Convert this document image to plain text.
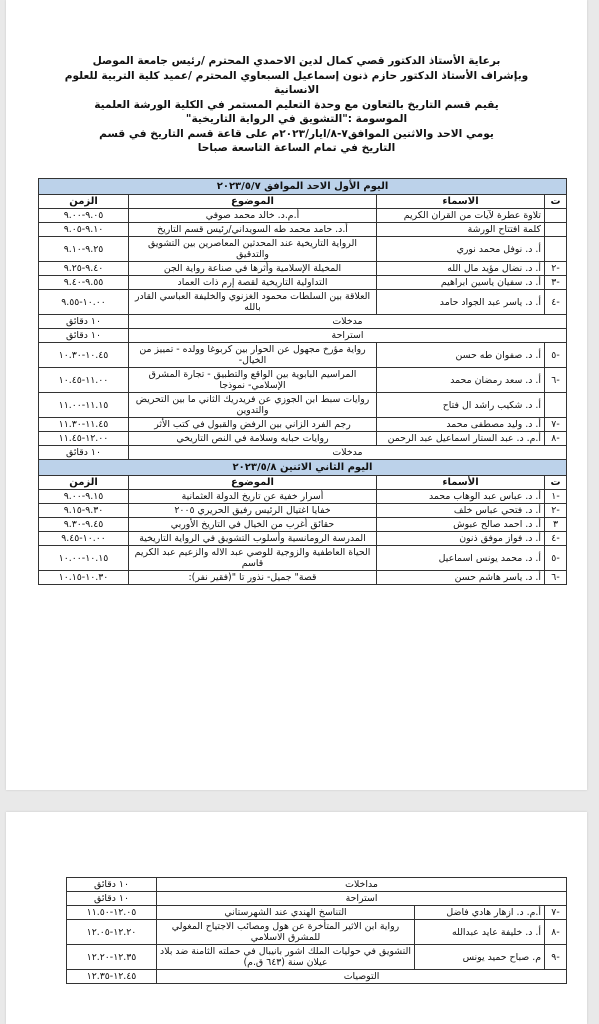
برعاية الأستاذ الدكتور قصي كمال لدين الاحمدي المحترم /رئيس جامعة الموصل
وبإشراف الأستاذ الدكتور حازم ذنون إسماعيل السبعاوي المحترم /عميد كلية التربية للعلوم
الانسانية
يقيم قسم التاريخ بالتعاون مع وحدة التعليم المستمر في الكلية الورشة العلمية
الموسومة :"التشويق في الرواية التاريخية"
يومي الاحد والاثنين الموافق٧-٨/ايار/٢٠٢٣م على قاعة قسم التاريخ في قسم
التاريخ في تمام الساعة التاسعة صباحا
اليوم الأول الاحد الموافق ٢٠٢٣/٥/٧			
ت	الاسماء	الموضوع	الزمن
	تلاوة عطرة لآيات من القران الكريم	أ.م.د. خالد محمد صوفي	٩.٠٥-٩.٠٠
	كلمة افتتاح الورشة	أ.د. حامد محمد طه السويداني/رئيس قسم التاريخ	٩.١٠-٩.٠٥
	أ. د. نوفل محمد نوري	الرواية التاريخية عند المحدثين المعاصرين بين التشويق والتدقيق	٩.٢٥-٩.١٠
-٢	أ. د. نضال مؤيد مال الله	المخيلة الإسلامية وأثرها في صناعة رواية الجن	٩.٤٠-٩.٢٥
-٣	أ. د. سفيان ياسين ابراهيم	التداولية التاريخية لقصة إرم ذات العماد	٩.٥٥-٩.٤٠
-٤	أ. د. ياسر عبد الجواد حامد	العلاقة بين السلطات محمود الغزنوي والخليفة العباسي القادر بالله	١٠.٠٠-٩.٥٥
مدخلات			١٠ دقائق
استراحة			١٠ دقائق
-٥	أ. د. صفوان طه حسن	رواية مؤرخ مجهول عن الحوار بين كربوغا وولده - تمييز من الخيال-	١٠.٤٥-١٠.٣٠
-٦	أ. د. سعد رمضان محمد	المراسيم البابوية بين الواقع والتطبيق - تجارة المشرق الإسلامي- نموذجا	١١.٠٠-١٠.٤٥
	أ. د. شكيب راشد ال فتاح	روايات سبط ابن الجوزي عن فريدريك الثاني ما بين التحريض والتدوين	١١.١٥-١١.٠٠
-٧	أ. د. وليد مصطفى محمد	رجم الفرد الزاني بين الرفض والقبول في كتب الأثر	١١.٤٥-١١.٣٠
-٨	أ.م. د. عبد الستار اسماعيل عبد الرحمن	روايات حبابه وسلامة في النص التاريخي	١٢.٠٠-١١.٤٥
مدخلات			١٠ دقائق
اليوم الثاني الاثنين ٢٠٢٣/٥/٨			
ت	الأسماء	الموضوع	الزمن
-١	أ. د. عباس عبد الوهاب محمد	أسرار خفية عن تاريخ الدولة العثمانية	٩.١٥-٩.٠٠
-٢	أ. د. فتحي عباس خلف	خفايا اغتيال الرئيس رفيق الحريري ٢٠٠٥	٩.٣٠-٩.١٥
٣	أ. د. احمد صالح عبوش	حقائق أغرب من الخيال في التاريخ الأوربي	٩.٤٥-٩.٣٠
-٤	أ. د. فواز موفق ذنون	المدرسة الرومانسية وأسلوب التشويق في الرواية التاريخية	١٠.٠٠-٩.٤٥
-٥	أ. د. محمد يونس اسماعيل	الحياة العاطفية والزوجية للوصي عبد الاله والزعيم عبد الكريم قاسم	١٠.١٥-١٠.٠٠
-٦	أ. د. ياسر هاشم حسن	قصة" جميل- نذور تا "(فقير نفر):	١٠.٣٠-١٠.١٥
مداخلات			١٠ دقائق
استراحة			١٠ دقائق
-٧	أ.م. د. ازهار هادي فاضل	التناسخ الهندي عند الشهرستاني	١٢.٠٥-١١.٥٠
-٨	أ. د. خليفة عايد عبدالله	رواية ابن الاثير المتأخرة عن هول ومصائب الاجتياح المغولي للمشرق الاسلامي	١٢.٢٠-١٢.٠٥
-٩	م. صباح حميد يونس	التشويق في حوليات الملك اشور بانيبال في حملته الثامنة ضد بلاد عيلان سنة (٦٤٣ ق.م)	١٢.٣٥-١٢.٢٠
التوصيات			١٢.٤٥-١٢.٣٥
